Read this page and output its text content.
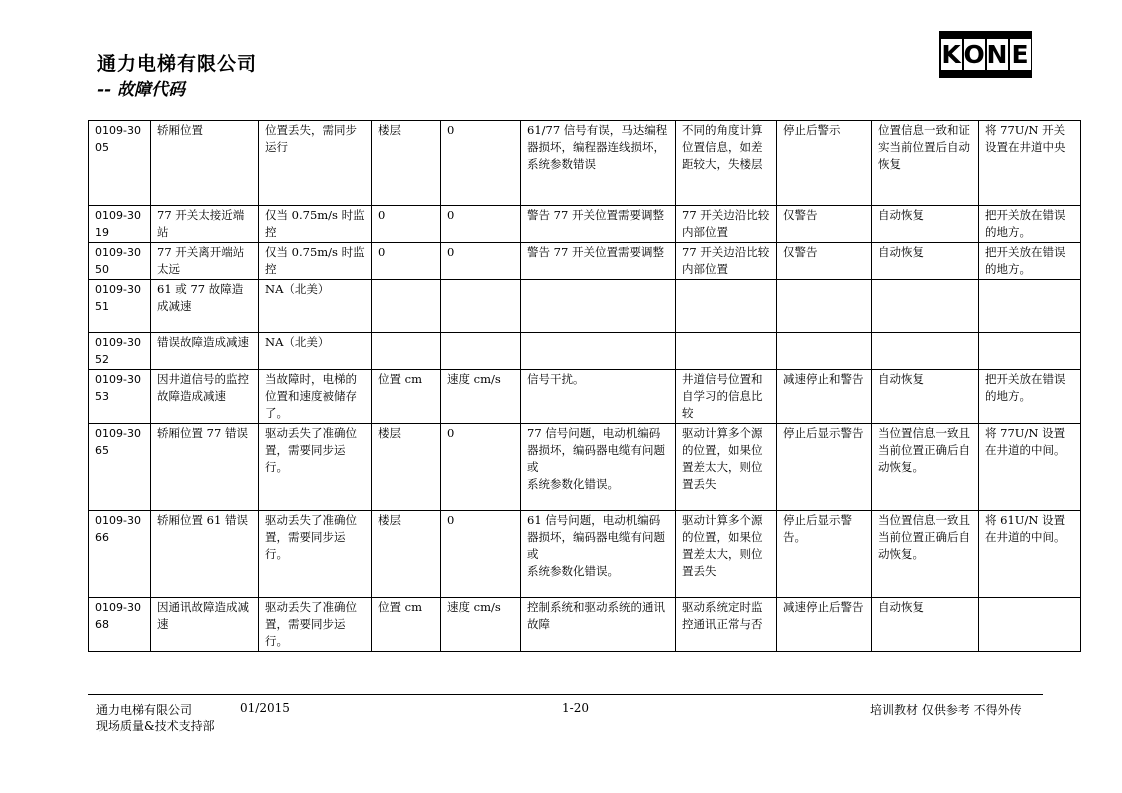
通力电梯有限公司
-- 故障代码
K O N E
0109-3005	轿厢位置	位置丢失，需同步运行	楼层	0	61/77 信号有误，马达编程器损坏，编程器连线损坏，系统参数错误	不同的角度计算位置信息，如差距较大，失楼层	停止后警示	位置信息一致和证实当前位置后自动恢复	将 77U/N 开关设置在井道中央

0109-3019	77 开关太接近端站	仅当 0.75m/s 时监控	0	0	警告 77 开关位置需要调整	77 开关边沿比较内部位置	仅警告	自动恢复	把开关放在错误的地方。

0109-3050	77 开关离开端站太远	仅当 0.75m/s 时监控	0	0	警告 77 开关位置需要调整	77 开关边沿比较内部位置	仅警告	自动恢复	把开关放在错误的地方。

0109-3051	61 或 77 故障造成减速	NA（北美）							

0109-3052	错误故障造成减速	NA（北美）							

0109-3053	因井道信号的监控故障造成减速	当故障时，电梯的位置和速度被储存了。	位置 cm	速度 cm/s	信号干扰。	井道信号位置和自学习的信息比较	减速停止和警告	自动恢复	把开关放在错误的地方。

0109-3065	轿厢位置 77 错误	驱动丢失了准确位置，需要同步运行。	楼层	0	77 信号问题，电动机编码器损坏，编码器电缆有问题或
系统参数化错误。	驱动计算多个源的位置，如果位置差太大，则位置丢失	停止后显示警告	当位置信息一致且当前位置正确后自动恢复。	将 77U/N 设置在井道的中间。

0109-3066	轿厢位置 61 错误	驱动丢失了准确位置，需要同步运行。	楼层	0	61 信号问题，电动机编码器损坏，编码器电缆有问题或
系统参数化错误。	驱动计算多个源的位置，如果位置差太大，则位置丢失	停止后显示警告。	当位置信息一致且当前位置正确后自动恢复。	将 61U/N 设置在井道的中间。

0109-3068	因通讯故障造成减速	驱动丢失了准确位置，需要同步运行。	位置 cm	速度 cm/s	控制系统和驱动系统的通讯故障	驱动系统定时监控通讯正常与否	减速停止后警告	自动恢复	

通力电梯有限公司	01/2015	1-20	培训教材 仅供参考 不得外传
现场质量&技术支持部
